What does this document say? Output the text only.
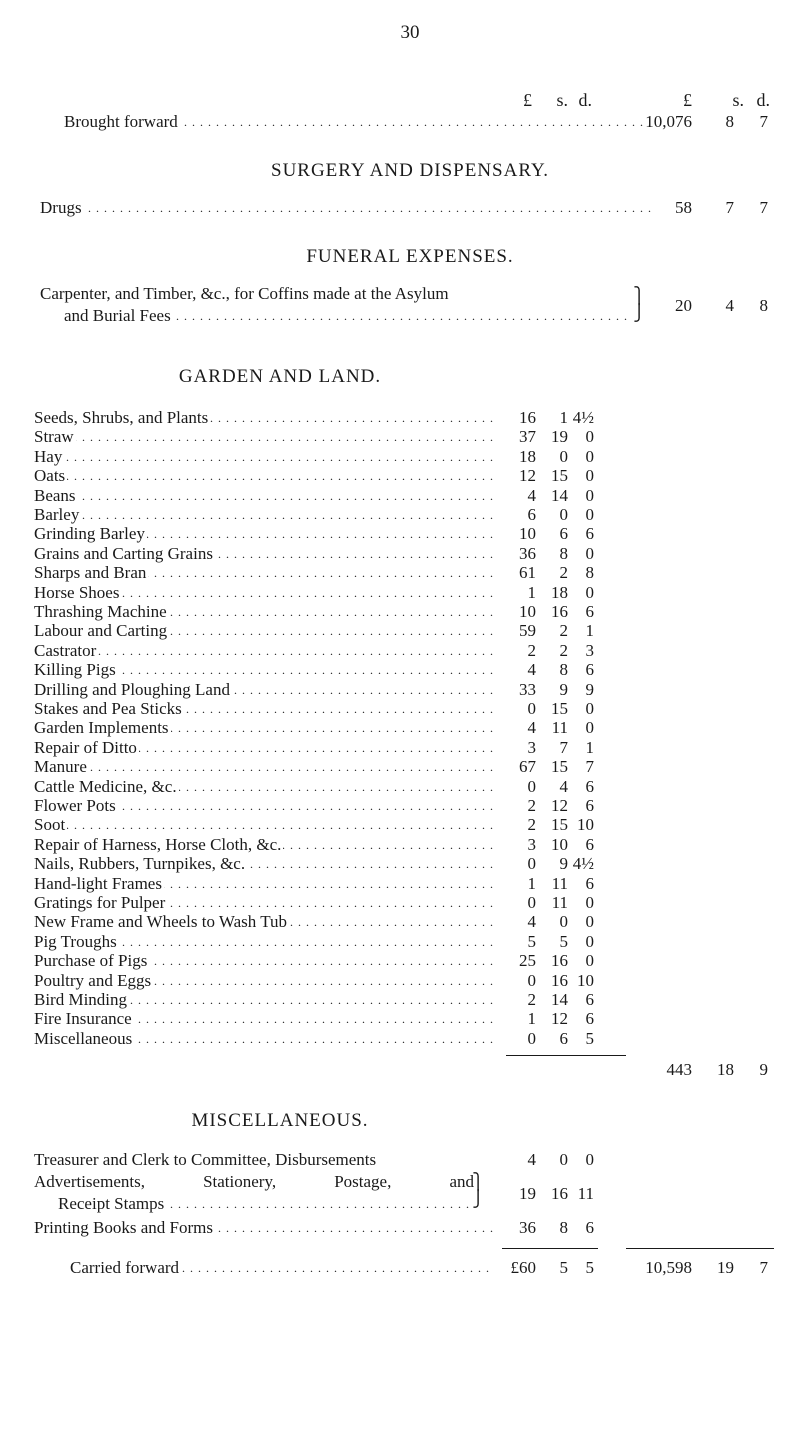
30
£	s. d.	£	s. d.
Brought forward . . .	10,076	8	7
SURGERY AND DISPENSARY.
Drugs . . .	58	7	7
FUNERAL EXPENSES.
Carpenter, and Timber, &c., for Coffins made at the Asylum
and Burial Fees . . .
⎫
⎭	20	4	8
GARDEN AND LAND.
Seeds, Shrubs, and Plants . . .	16	1 4½
Straw . . .	37 19	0
Hay . . .	18	0	0
Oats . . .	12 15	0
Beans . . .	4 14	0
Barley . . .	6	0	0
Grinding Barley . . .	10	6	6
Grains and Carting Grains . . .	36	8	0
Sharps and Bran . . .	61	2	8
Horse Shoes . . .	1 18	0
Thrashing Machine . . .	10 16	6
Labour and Carting . . .	59	2	1
Castrator . . .	2	2	3
Killing Pigs . . .	4	8	6
Drilling and Ploughing Land . . .	33	9	9
Stakes and Pea Sticks . . .	0 15	0
Garden Implements . . .	4 11	0
Repair of Ditto . . .	3	7	1
Manure . . .	67 15	7
Cattle Medicine, &c. . . .	0	4	6
Flower Pots . . .	2 12	6
Soot . . .	2 15 10
Repair of Harness, Horse Cloth, &c. . . .	3 10	6
Nails, Rubbers, Turnpikes, &c. . . .	0	9 4½
Hand-light Frames . . .	1 11	6
Gratings for Pulper . . .	0 11	0
New Frame and Wheels to Wash Tub . . .	4	0	0
Pig Troughs . . .	5	5	0
Purchase of Pigs . . .	25 16	0
Poultry and Eggs . . .	0 16 10
Bird Minding . . .	2 14	6
Fire Insurance . . .	1 12	6
Miscellaneous . . .	0	6	5
443	18	9
MISCELLANEOUS.
Treasurer and Clerk to Committee, Disbursements	4	0	0
Advertisements, Stationery, Postage, and
Receipt Stamps . . .
⎫
⎭	19 16 11
Printing Books and Forms . . .	36	8	6
Carried forward . . .	£60	5	5	10,598	19	7
